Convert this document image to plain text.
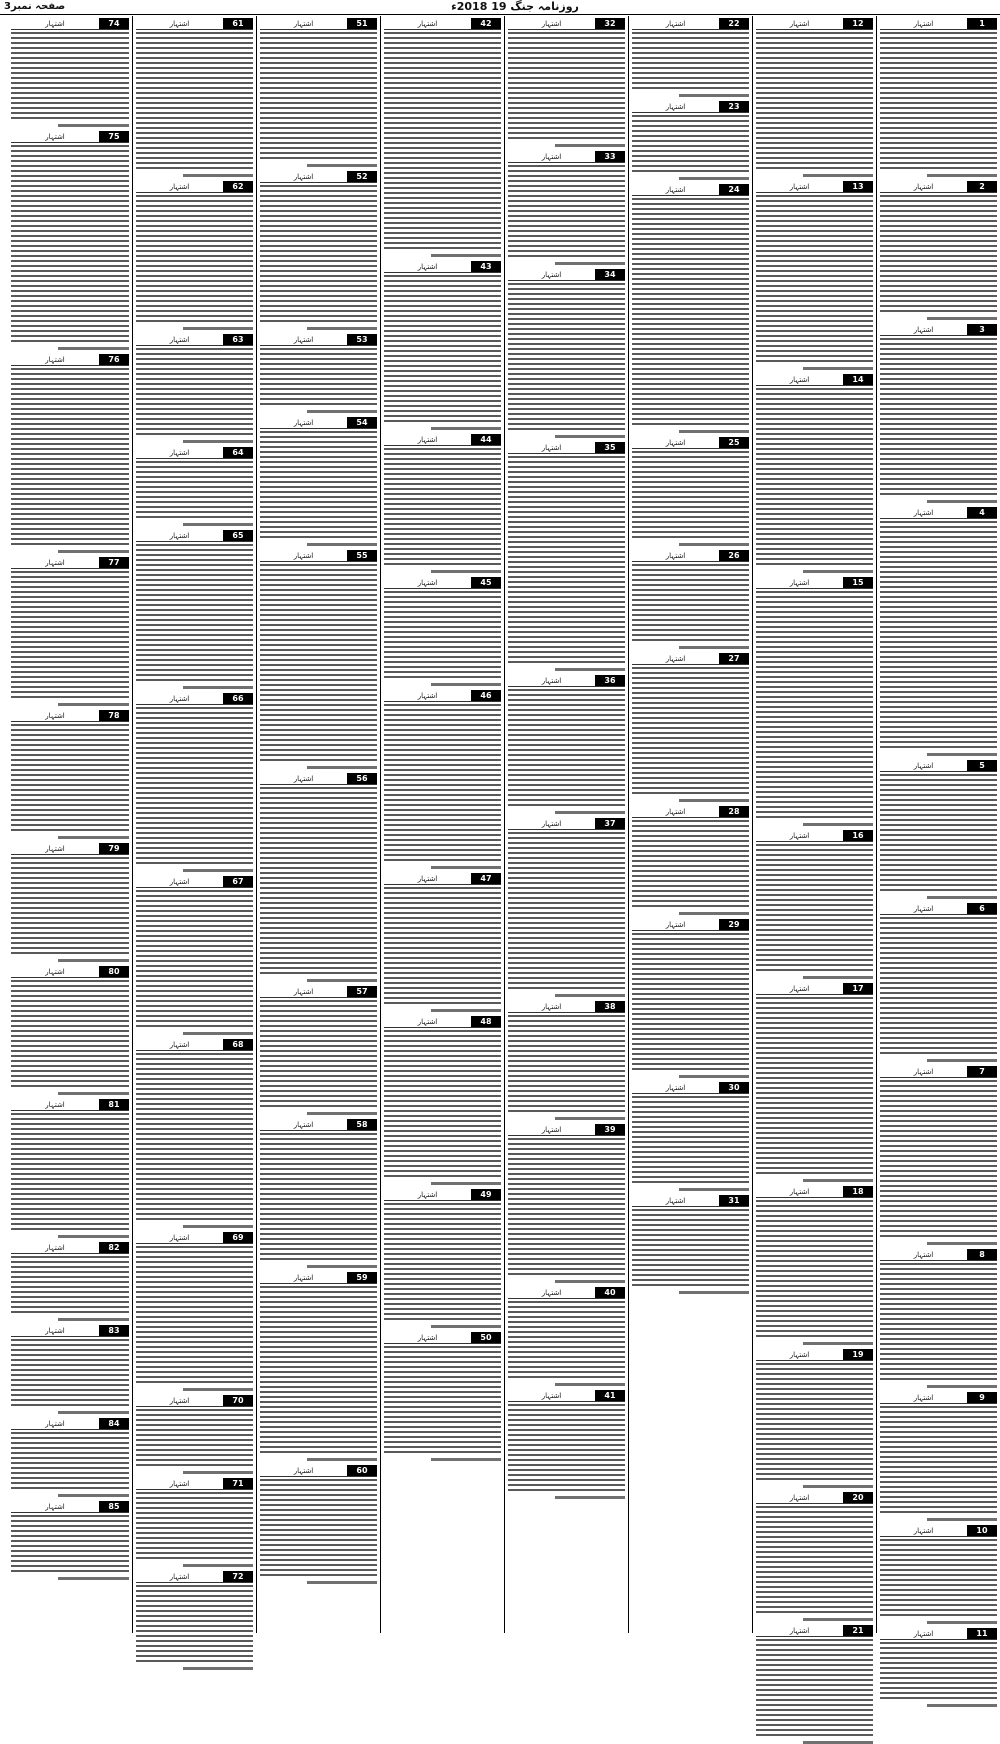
صفحہ نمبر3	روزنامہ جنگ 19 2018ء
1
اشتہار
2
اشتہار
3
اشتہار
4
اشتہار
5
اشتہار
6
اشتہار
7
اشتہار
8
اشتہار
9
اشتہار
10
اشتہار
11
اشتہار
12
اشتہار
13
اشتہار
14
اشتہار
15
اشتہار
16
اشتہار
17
اشتہار
18
اشتہار
19
اشتہار
20
اشتہار
21
اشتہار
22
اشتہار
23
اشتہار
24
اشتہار
25
اشتہار
26
اشتہار
27
اشتہار
28
اشتہار
29
اشتہار
30
اشتہار
31
اشتہار
32
اشتہار
33
اشتہار
34
اشتہار
35
اشتہار
36
اشتہار
37
اشتہار
38
اشتہار
39
اشتہار
40
اشتہار
41
اشتہار
42
اشتہار
43
اشتہار
44
اشتہار
45
اشتہار
46
اشتہار
47
اشتہار
48
اشتہار
49
اشتہار
50
اشتہار
51
اشتہار
52
اشتہار
53
اشتہار
54
اشتہار
55
اشتہار
56
اشتہار
57
اشتہار
58
اشتہار
59
اشتہار
60
اشتہار
61
اشتہار
62
اشتہار
63
اشتہار
64
اشتہار
65
اشتہار
66
اشتہار
67
اشتہار
68
اشتہار
69
اشتہار
70
اشتہار
71
اشتہار
72
اشتہار
74
اشتہار
75
اشتہار
76
اشتہار
77
اشتہار
78
اشتہار
79
اشتہار
80
اشتہار
81
اشتہار
82
اشتہار
83
اشتہار
84
اشتہار
85
اشتہار
